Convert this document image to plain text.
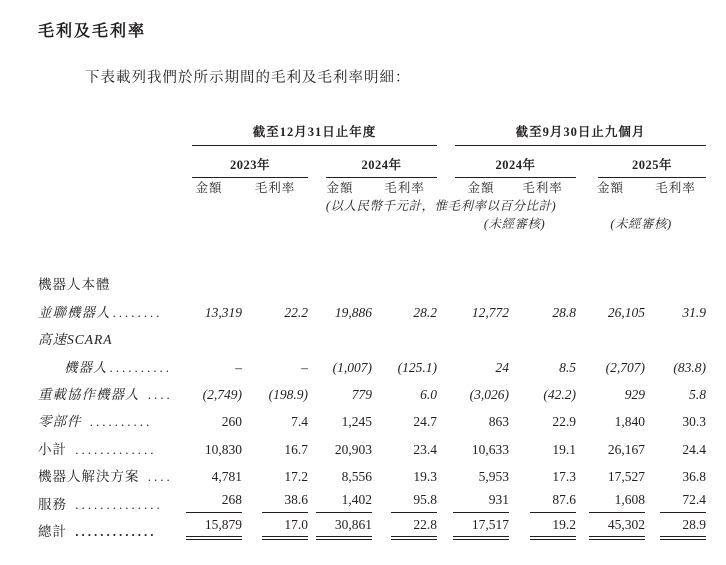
毛利及毛利率

下表載列我們於所示期間的毛利及毛利率明細：

	截至12月31日止年度					截至9月30日止九個月			

	2023年		2024年			2024年		2025年	

	金額	毛利率	金額	毛利率		金額	毛利率	金額	毛利率
	(以人民幣千元計，惟毛利率以百分比計)								
						(未經審核)		(未經審核)	

機器人本體									
並聯機器人 ........	13,319	22.2	19,886	28.2		12,772	28.8	26,105	31.9
高速SCARA									
機器人 ..........	–	–	(1,007)	(125.1)		24	8.5	(2,707)	(83.8)
重載協作機器人 ....	(2,749)	(198.9)	779	6.0		(3,026)	(42.2)	929	5.8
零部件 ..........	260	7.4	1,245	24.7		863	22.9	1,840	30.3
小計 .............	10,830	16.7	20,903	23.4		10,633	19.1	26,167	24.4
機器人解決方案 ....	4,781	17.2	8,556	19.3		5,953	17.3	17,527	36.8
服務 ..............	268	38.6	1,402	95.8		931	87.6	1,608	72.4
總計 .............	15,879	17.0	30,861	22.8		17,517	19.2	45,302	28.9
